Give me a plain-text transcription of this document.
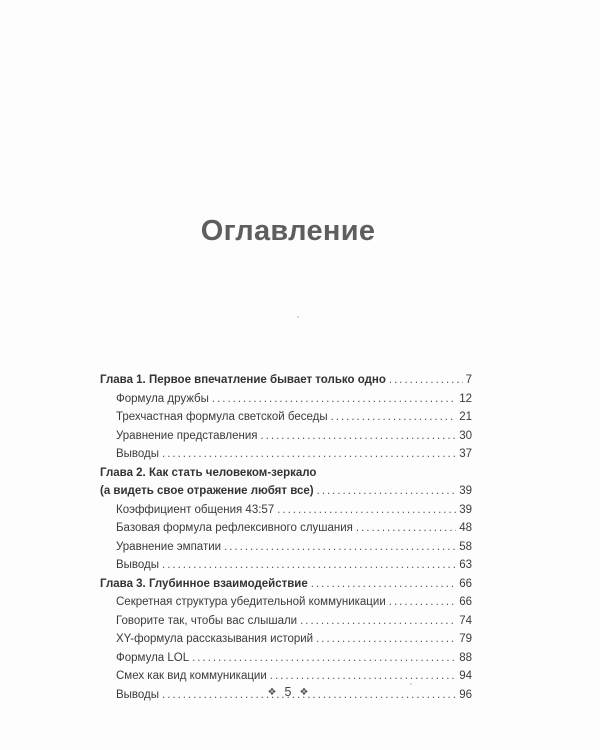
Оглавление
Глава 1. Первое впечатление бывает только одно . . .	7
Формула дружбы . . .	12
Трехчастная формула светской беседы . . .	21
Уравнение представления . . .	30
Выводы . . .	37
Глава 2. Как стать человеком-зеркало
(а видеть свое отражение любят все) . . .	39
Коэффициент общения 43:57 . . .	39
Базовая формула рефлексивного слушания . . .	48
Уравнение эмпатии . . .	58
Выводы . . .	63
Глава 3. Глубинное взаимодействие . . .	66
Секретная структура убедительной коммуникации . . .	66
Говорите так, чтобы вас слышали . . .	74
XY-формула рассказывания историй . . .	79
Формула LOL . . .	88
Смех как вид коммуникации . . .	94
Выводы . . .	96
❖ 5 ❖
